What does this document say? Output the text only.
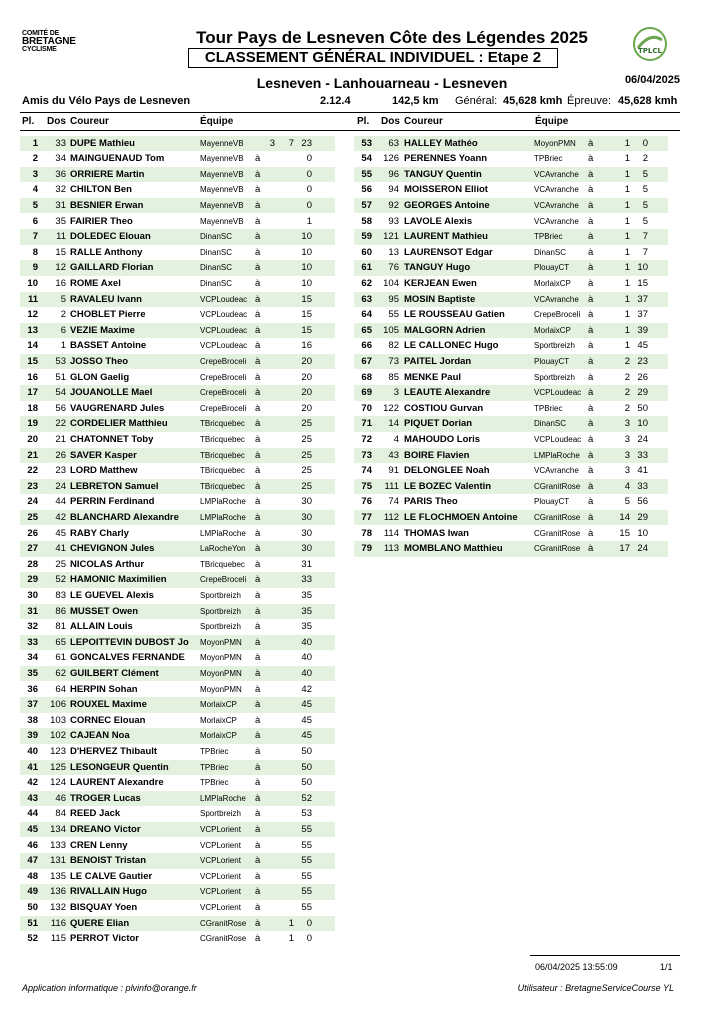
COMITÉ DE
BRETAGNE
CYCLISME	TPLCL
Tour Pays de Lesneven Côte des Légendes 2025
CLASSEMENT GÉNÉRAL INDIVIDUEL : Etape 2
Lesneven - Lanhouarneau - Lesneven	06/04/2025
Amis du Vélo Pays de Lesneven	2.12.4	142,5 km Général: 45,628 kmh Épreuve: 45,628 kmh
Pl. Dos Coureur	Équipe	Pl. Dos Coureur	Équipe
1	33 DUPE Mathieu	MayenneVB	3	7 23
2	34 MAINGUENAUD Tom	MayenneVB à	0
3	36 ORRIERE Martin	MayenneVB à	0
4	32 CHILTON Ben	MayenneVB à	0
5	31 BESNIER Erwan	MayenneVB à	0
6	35 FAIRIER Theo	MayenneVB à	1
7	11 DOLEDEC Elouan	DinanSC à	10
8	15 RALLE Anthony	DinanSC à	10
9	12 GAILLARD Florian	DinanSC à	10
10	16 ROME Axel	DinanSC à	10
11	5 RAVALEU Ivann	VCPLoudeac à	15
12	2 CHOBLET Pierre	VCPLoudeac à	15
13	6 VEZIE Maxime	VCPLoudeac à	15
14	1 BASSET Antoine	VCPLoudeac à	16
15	53 JOSSO Theo	CrepeBroceli à	20
16	51 GLON Gaelig	CrepeBroceli à	20
17	54 JOUANOLLE Mael	CrepeBroceli à	20
18	56 VAUGRENARD Jules	CrepeBroceli à	20
19	22 CORDELIER Matthieu	TBricquebec à	25
20	21 CHATONNET Toby	TBricquebec à	25
21	26 SAVER Kasper	TBricquebec à	25
22	23 LORD Matthew	TBricquebec à	25
23	24 LEBRETON Samuel	TBricquebec à	25
24	44 PERRIN Ferdinand	LMPlaRoche à	30
25	42 BLANCHARD Alexandre	LMPlaRoche à	30
26	45 RABY Charly	LMPlaRoche à	30
27	41 CHEVIGNON Jules	LaRocheYon à	30
28	25 NICOLAS Arthur	TBricquebec à	31
29	52 HAMONIC Maximilien	CrepeBroceli à	33
30	83 LE GUEVEL Alexis	Sportbreizh à	35
31	86 MUSSET Owen	Sportbreizh à	35
32	81 ALLAIN Louis	Sportbreizh à	35
33	65 LEPOITTEVIN DUBOST Jo MoyonPMN à	40
34	61 GONCALVES FERNANDE MoyonPMN à	40
35	62 GUILBERT Clément	MoyonPMN à	40
36	64 HERPIN Sohan	MoyonPMN à	42
37	106 ROUXEL Maxime	MorlaixCP à	45
38	103 CORNEC Elouan	MorlaixCP à	45
39	102 CAJEAN Noa	MorlaixCP à	45
40	123 D'HERVEZ Thibault	TPBriec	à	50
41	125 LESONGEUR Quentin	TPBriec	à	50
42	124 LAURENT Alexandre	TPBriec	à	50
43	46 TROGER Lucas	LMPlaRoche à	52
44	84 REED Jack	Sportbreizh à	53
45	134 DREANO Victor	VCPLorient à	55
46	133 CREN Lenny	VCPLorient à	55
47	131 BENOIST Tristan	VCPLorient à	55
48	135 LE CALVE Gautier	VCPLorient à	55
49	136 RIVALLAIN Hugo	VCPLorient à	55
50	132 BISQUAY Yoen	VCPLorient à	55
51	116 QUERE Elian	CGranitRose à	1	0
52	115 PERROT Victor	CGranitRose à	1	0
53	63 HALLEY Mathéo	MoyonPMN à	1	0
54	126 PERENNES Yoann	TPBriec	à	1	2
55	96 TANGUY Quentin	VCAvranche à	1	5
56	94 MOISSERON Elliot	VCAvranche à	1	5
57	92 GEORGES Antoine	VCAvranche à	1	5
58	93 LAVOLE Alexis	VCAvranche à	1	5
59	121 LAURENT Mathieu	TPBriec	à	1	7
60	13 LAURENSOT Edgar	DinanSC à	1	7
61	76 TANGUY Hugo	PlouayCT à	1 10
62	104 KERJEAN Ewen	MorlaixCP à	1 15
63	95 MOSIN Baptiste	VCAvranche à	1 37
64	55 LE ROUSSEAU Gatien	CrepeBroceli à	1 37
65	105 MALGORN Adrien	MorlaixCP à	1 39
66	82 LE CALLONEC Hugo	Sportbreizh à	1 45
67	73 PAITEL Jordan	PlouayCT à	2 23
68	85 MENKE Paul	Sportbreizh à	2 26
69	3 LEAUTE Alexandre	VCPLoudeac à	2 29
70	122 COSTIOU Gurvan	TPBriec	à	2 50
71	14 PIQUET Dorian	DinanSC à	3 10
72	4 MAHOUDO Loris	VCPLoudeac à	3 24
73	43 BOIRE Flavien	LMPlaRoche à	3 33
74	91 DELONGLEE Noah	VCAvranche à	3 41
75	111 LE BOZEC Valentin	CGranitRose à	4 33
76	74 PARIS Theo	PlouayCT à	5 56
77	112 LE FLOCHMOEN Antoine CGranitRose à	14 29
78	114 THOMAS Iwan	CGranitRose à	15 10
79	113 MOMBLANO Matthieu	CGranitRose à	17 24
06/04/2025 13:55:09	1/1
Application informatique : plvinfo@orange.fr	Utilisateur : BretagneServiceCourse YL
